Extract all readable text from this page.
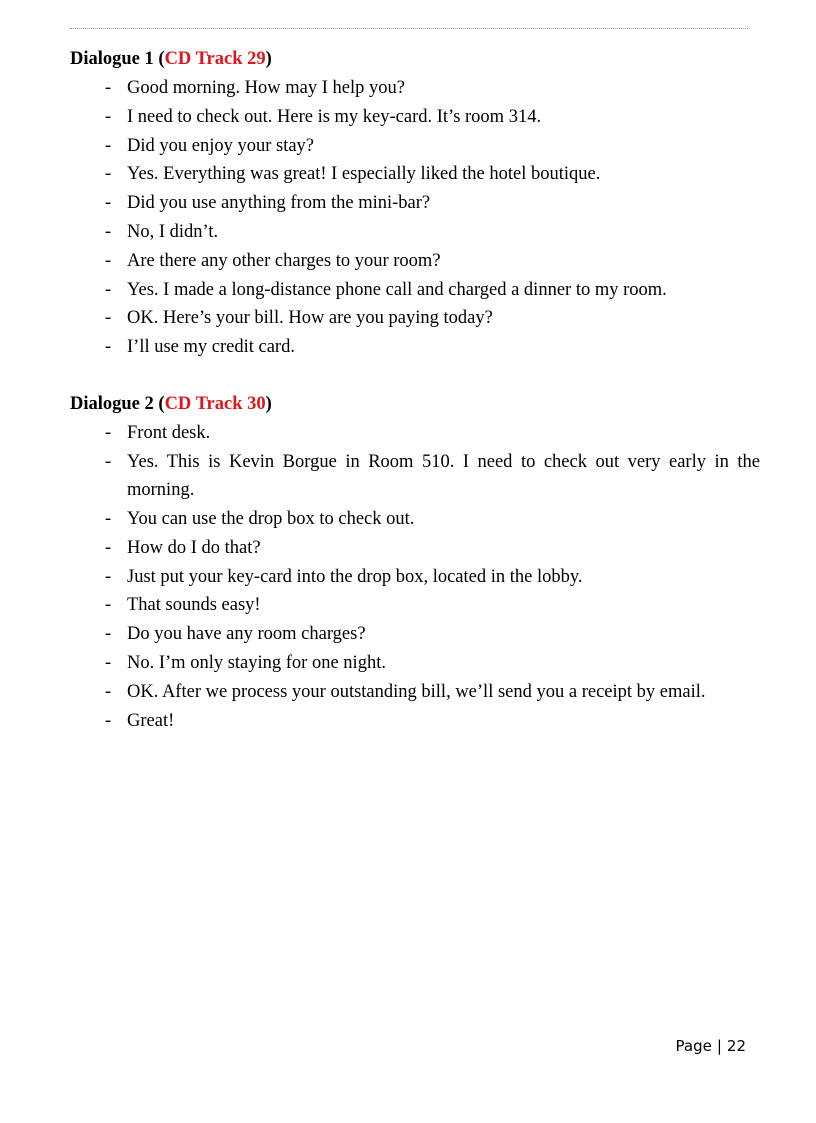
Dialogue 1 (CD Track 29)
- Good morning. How may I help you?
- I need to check out. Here is my key-card. It’s room 314.
- Did you enjoy your stay?
- Yes. Everything was great! I especially liked the hotel boutique.
- Did you use anything from the mini-bar?
- No, I didn’t.
- Are there any other charges to your room?
- Yes. I made a long-distance phone call and charged a dinner to my room.
- OK. Here’s your bill. How are you paying today?
- I’ll use my credit card.
Dialogue 2 (CD Track 30)
- Front desk.
- Yes. This is Kevin Borgue in Room 510. I need to check out very early in the morning.
- You can use the drop box to check out.
- How do I do that?
- Just put your key-card into the drop box, located in the lobby.
- That sounds easy!
- Do you have any room charges?
- No. I’m only staying for one night.
- OK. After we process your outstanding bill, we’ll send you a receipt by email.
- Great!
Page | 22
